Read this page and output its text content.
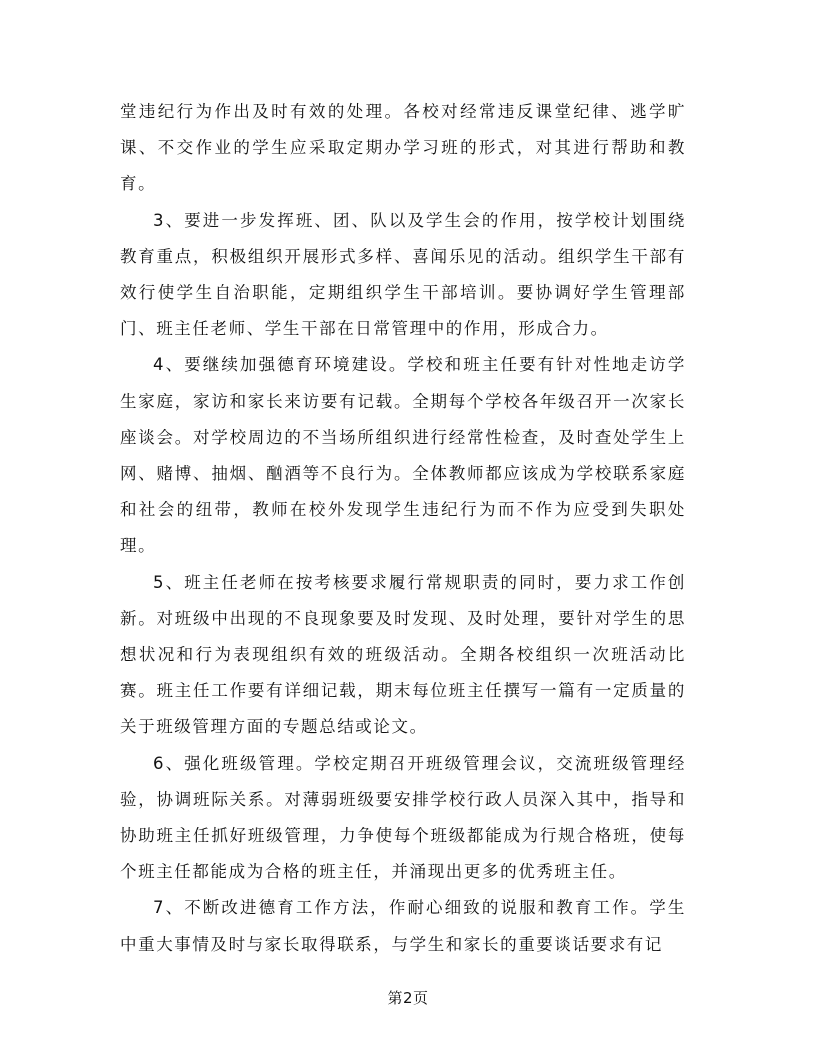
堂违纪行为作出及时有效的处理。各校对经常违反课堂纪律、逃学旷课、不交作业的学生应采取定期办学习班的形式，对其进行帮助和教育。

3、要进一步发挥班、团、队以及学生会的作用，按学校计划围绕教育重点，积极组织开展形式多样、喜闻乐见的活动。组织学生干部有效行使学生自治职能，定期组织学生干部培训。要协调好学生管理部门、班主任老师、学生干部在日常管理中的作用，形成合力。

4、要继续加强德育环境建设。学校和班主任要有针对性地走访学生家庭，家访和家长来访要有记载。全期每个学校各年级召开一次家长座谈会。对学校周边的不当场所组织进行经常性检查，及时查处学生上网、赌博、抽烟、酗酒等不良行为。全体教师都应该成为学校联系家庭和社会的纽带，教师在校外发现学生违纪行为而不作为应受到失职处理。

5、班主任老师在按考核要求履行常规职责的同时，要力求工作创新。对班级中出现的不良现象要及时发现、及时处理，要针对学生的思想状况和行为表现组织有效的班级活动。全期各校组织一次班活动比赛。班主任工作要有详细记载，期末每位班主任撰写一篇有一定质量的关于班级管理方面的专题总结或论文。

6、强化班级管理。学校定期召开班级管理会议，交流班级管理经验，协调班际关系。对薄弱班级要安排学校行政人员深入其中，指导和协助班主任抓好班级管理，力争使每个班级都能成为行规合格班，使每个班主任都能成为合格的班主任，并涌现出更多的优秀班主任。

7、不断改进德育工作方法，作耐心细致的说服和教育工作。学生中重大事情及时与家长取得联系，与学生和家长的重要谈话要求有记

第2页
